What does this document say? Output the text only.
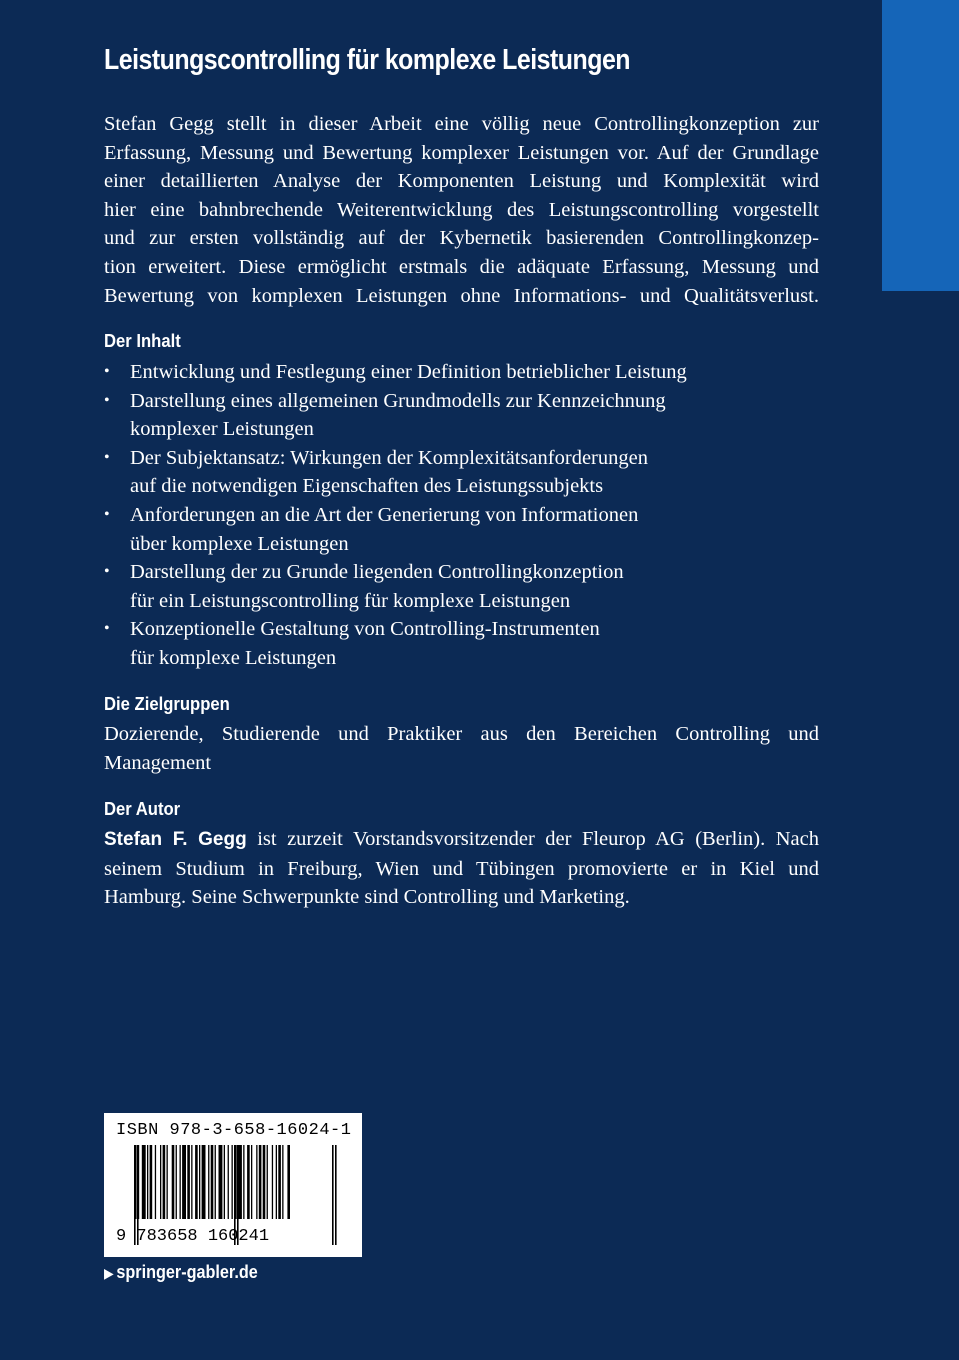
Leistungscontrolling für komplexe Leistungen
Stefan Gegg stellt in dieser Arbeit eine völlig neue Controllingkonzeption zur
Erfassung, Messung und Bewertung komplexer Leistungen vor. Auf der Grundlage
einer detaillierten Analyse der Komponenten Leistung und Komplexität wird
hier eine bahnbrechende Weiterentwicklung des Leistungscontrolling vorgestellt
und zur ersten vollständig auf der Kybernetik basierenden Controllingkonzep-
tion erweitert. Diese ermöglicht erstmals die adäquate Erfassung, Messung und
Bewertung von komplexen Leistungen ohne Informations- und Qualitätsverlust.
Der Inhalt
• Entwicklung und Festlegung einer Definition betrieblicher Leistung
• Darstellung eines allgemeinen Grundmodells zur Kennzeichnung
komplexer Leistungen
• Der Subjektansatz: Wirkungen der Komplexitätsanforderungen
auf die notwendigen Eigenschaften des Leistungssubjekts
• Anforderungen an die Art der Generierung von Informationen
über komplexe Leistungen
• Darstellung der zu Grunde liegenden Controllingkonzeption
für ein Leistungscontrolling für komplexe Leistungen
• Konzeptionelle Gestaltung von Controlling-Instrumenten
für komplexe Leistungen
Die Zielgruppen
Dozierende, Studierende und Praktiker aus den Bereichen Controlling und
Management
Der Autor
Stefan F. Gegg ist zurzeit Vorstandsvorsitzender der Fleurop AG (Berlin). Nach
seinem Studium in Freiburg, Wien und Tübingen promovierte er in Kiel und
Hamburg. Seine Schwerpunkte sind Controlling und Marketing.
ISBN 978-3-658-16024-1
9 783658 160241
▶ springer-gabler.de
